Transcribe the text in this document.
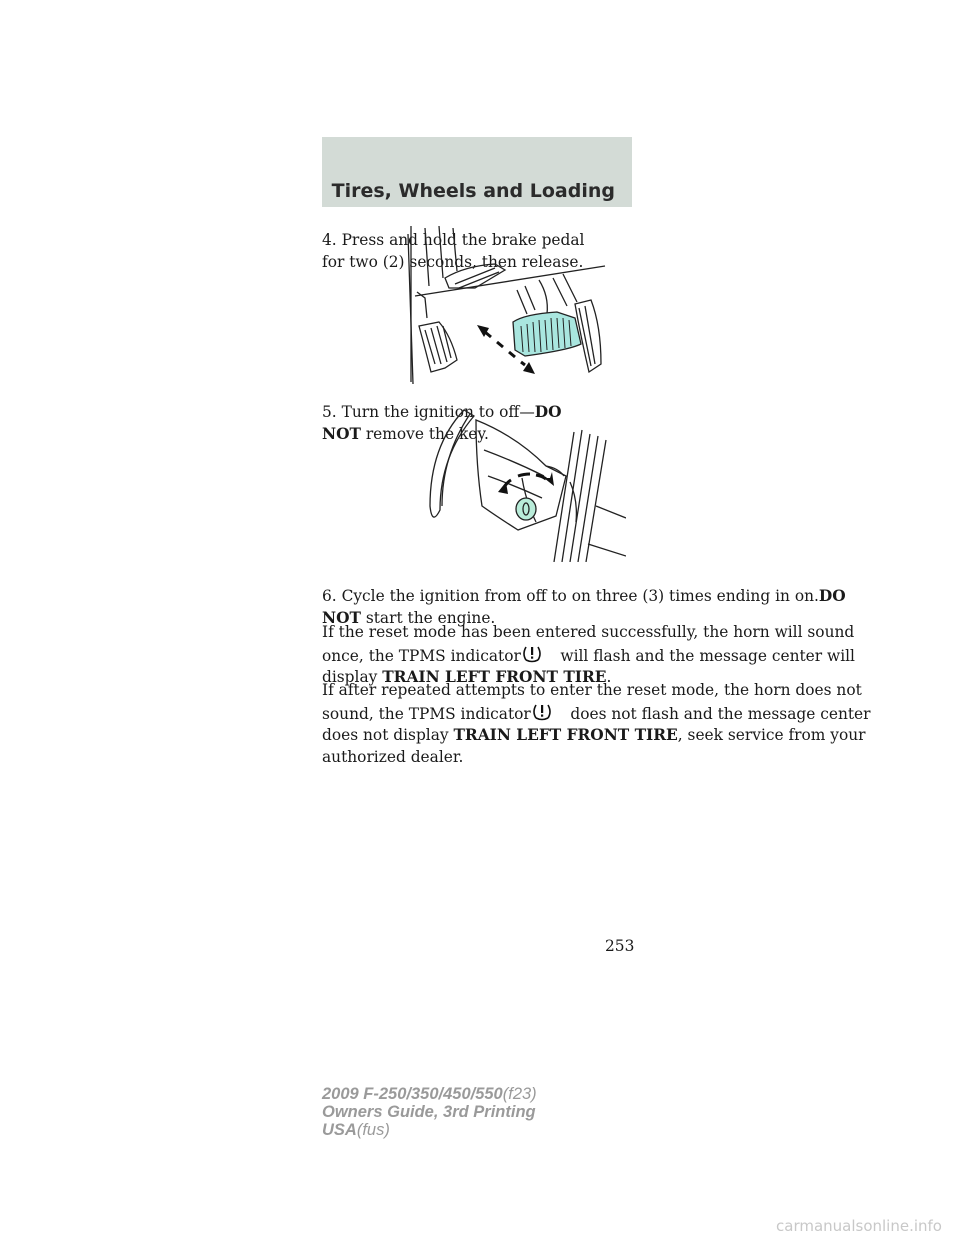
Tires, Wheels and Loading
4. Press and hold the brake pedal
for two (2) seconds, then release.
5. Turn the ignition to off—DO
NOT remove the key.
6. Cycle the ignition from off to on three (3) times ending in on.DO
NOT start the engine.
If the reset mode has been entered successfully, the horn will sound
once, the TPMS indicator	will flash and the message center will
display TRAIN LEFT FRONT TIRE.
If after repeated attempts to enter the reset mode, the horn does not
sound, the TPMS indicator	does not flash and the message center
does not display TRAIN LEFT FRONT TIRE, seek service from your
authorized dealer.
253
2009 F-250/350/450/550(f23)
Owners Guide, 3rd Printing
USA(fus)
carmanualsonline.info
